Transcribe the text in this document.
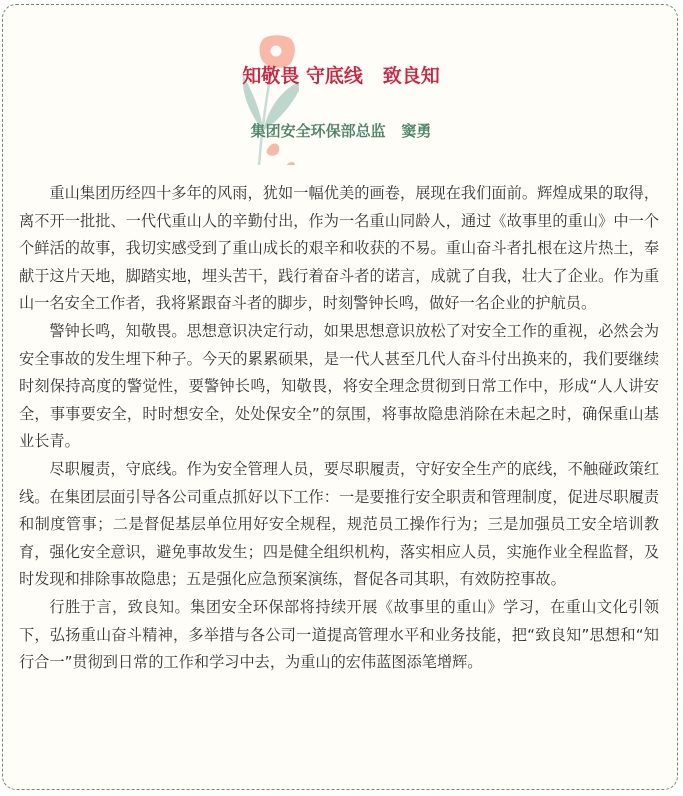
知敬畏 守底线   致良知
集团安全环保部总监   窦勇

重山集团历经四十多年的风雨，犹如一幅优美的画卷，展现在我们面前。辉煌成果的取得，离不开一批批、一代代重山人的辛勤付出，作为一名重山同龄人，通过《故事里的重山》中一个个鲜活的故事，我切实感受到了重山成长的艰辛和收获的不易。重山奋斗者扎根在这片热土，奉献于这片天地，脚踏实地，埋头苦干，践行着奋斗者的诺言，成就了自我，壮大了企业。作为重山一名安全工作者，我将紧跟奋斗者的脚步，时刻警钟长鸣，做好一名企业的护航员。

警钟长鸣，知敬畏。思想意识决定行动，如果思想意识放松了对安全工作的重视，必然会为安全事故的发生埋下种子。今天的累累硕果，是一代人甚至几代人奋斗付出换来的，我们要继续时刻保持高度的警觉性，要警钟长鸣，知敬畏，将安全理念贯彻到日常工作中，形成“人人讲安全，事事要安全，时时想安全，处处保安全”的氛围，将事故隐患消除在未起之时，确保重山基业长青。

尽职履责，守底线。作为安全管理人员，要尽职履责，守好安全生产的底线，不触碰政策红线。在集团层面引导各公司重点抓好以下工作：一是要推行安全职责和管理制度，促进尽职履责和制度管事；二是督促基层单位用好安全规程，规范员工操作行为；三是加强员工安全培训教育，强化安全意识，避免事故发生；四是健全组织机构，落实相应人员，实施作业全程监督，及时发现和排除事故隐患；五是强化应急预案演练，督促各司其职，有效防控事故。

行胜于言，致良知。集团安全环保部将持续开展《故事里的重山》学习，在重山文化引领下，弘扬重山奋斗精神，多举措与各公司一道提高管理水平和业务技能，把“致良知”思想和“知行合一”贯彻到日常的工作和学习中去，为重山的宏伟蓝图添笔增辉。
